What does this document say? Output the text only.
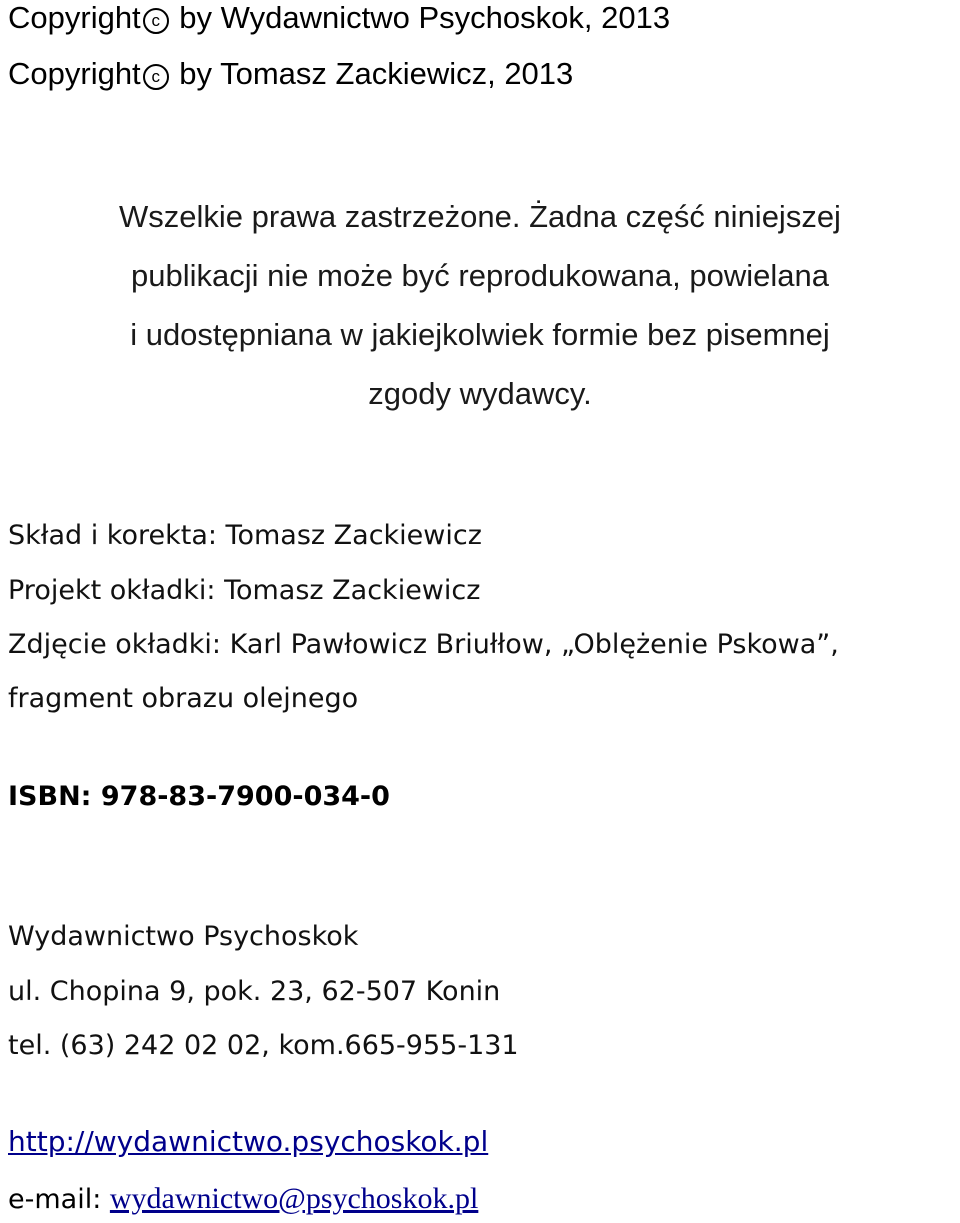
Copyright c by Wydawnictwo Psychoskok, 2013

Copyright c by Tomasz Zackiewicz, 2013

Wszelkie prawa zastrzeżone. Żadna część niniejszej

publikacji nie może być reprodukowana, powielana

i udostępniana w jakiejkolwiek formie bez pisemnej

zgody wydawcy.

Skład i korekta: Tomasz Zackiewicz

Projekt okładki: Tomasz Zackiewicz

Zdjęcie okładki: Karl Pawłowicz Briułłow, „Oblężenie Pskowa”,

fragment obrazu olejnego

ISBN: 978-83-7900-034-0

Wydawnictwo Psychoskok

ul. Chopina 9, pok. 23, 62-507 Konin

tel. (63) 242 02 02, kom.665-955-131

http://wydawnictwo.psychoskok.pl

e-mail: wydawnictwo@psychoskok.pl
